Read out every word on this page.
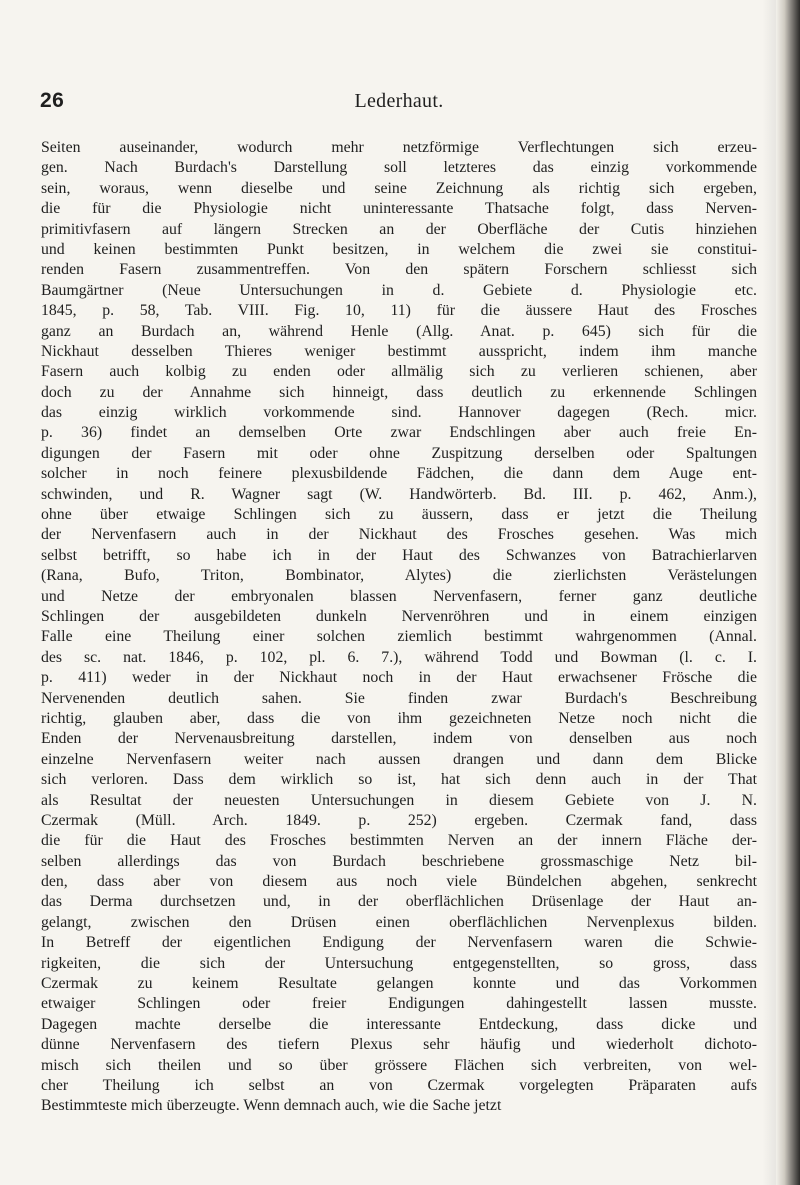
26	Lederhaut.
Seiten auseinander, wodurch mehr netzförmige Verflechtungen sich erzeu-
gen. Nach Burdach's Darstellung soll letzteres das einzig vorkommende
sein, woraus, wenn dieselbe und seine Zeichnung als richtig sich ergeben,
die für die Physiologie nicht uninteressante Thatsache folgt, dass Nerven-
primitivfasern auf längern Strecken an der Oberfläche der Cutis hinziehen
und keinen bestimmten Punkt besitzen, in welchem die zwei sie constitui-
renden Fasern zusammentreffen. Von den spätern Forschern schliesst sich
Baumgärtner (Neue Untersuchungen in d. Gebiete d. Physiologie etc.
1845, p. 58, Tab. VIII. Fig. 10, 11) für die äussere Haut des Frosches
ganz an Burdach an, während Henle (Allg. Anat. p. 645) sich für die
Nickhaut desselben Thieres weniger bestimmt ausspricht, indem ihm manche
Fasern auch kolbig zu enden oder allmälig sich zu verlieren schienen, aber
doch zu der Annahme sich hinneigt, dass deutlich zu erkennende Schlingen
das einzig wirklich vorkommende sind. Hannover dagegen (Rech. micr.
p. 36) findet an demselben Orte zwar Endschlingen aber auch freie En-
digungen der Fasern mit oder ohne Zuspitzung derselben oder Spaltungen
solcher in noch feinere plexusbildende Fädchen, die dann dem Auge ent-
schwinden, und R. Wagner sagt (W. Handwörterb. Bd. III. p. 462, Anm.),
ohne über etwaige Schlingen sich zu äussern, dass er jetzt die Theilung
der Nervenfasern auch in der Nickhaut des Frosches gesehen. Was mich
selbst betrifft, so habe ich in der Haut des Schwanzes von Batrachierlarven
(Rana, Bufo, Triton, Bombinator, Alytes) die zierlichsten Verästelungen
und Netze der embryonalen blassen Nervenfasern, ferner ganz deutliche
Schlingen der ausgebildeten dunkeln Nervenröhren und in einem einzigen
Falle eine Theilung einer solchen ziemlich bestimmt wahrgenommen (Annal.
des sc. nat. 1846, p. 102, pl. 6. 7.), während Todd und Bowman (l. c. I.
p. 411) weder in der Nickhaut noch in der Haut erwachsener Frösche die
Nervenenden deutlich sahen. Sie finden zwar Burdach's Beschreibung
richtig, glauben aber, dass die von ihm gezeichneten Netze noch nicht die
Enden der Nervenausbreitung darstellen, indem von denselben aus noch
einzelne Nervenfasern weiter nach aussen drangen und dann dem Blicke
sich verloren. Dass dem wirklich so ist, hat sich denn auch in der That
als Resultat der neuesten Untersuchungen in diesem Gebiete von J. N.
Czermak (Müll. Arch. 1849. p. 252) ergeben. Czermak fand, dass
die für die Haut des Frosches bestimmten Nerven an der innern Fläche der-
selben allerdings das von Burdach beschriebene grossmaschige Netz bil-
den, dass aber von diesem aus noch viele Bündelchen abgehen, senkrecht
das Derma durchsetzen und, in der oberflächlichen Drüsenlage der Haut an-
gelangt, zwischen den Drüsen einen oberflächlichen Nervenplexus bilden.
In Betreff der eigentlichen Endigung der Nervenfasern waren die Schwie-
rigkeiten, die sich der Untersuchung entgegenstellten, so gross, dass
Czermak zu keinem Resultate gelangen konnte und das Vorkommen
etwaiger Schlingen oder freier Endigungen dahingestellt lassen musste.
Dagegen machte derselbe die interessante Entdeckung, dass dicke und
dünne Nervenfasern des tiefern Plexus sehr häufig und wiederholt dichoto-
misch sich theilen und so über grössere Flächen sich verbreiten, von wel-
cher Theilung ich selbst an von Czermak vorgelegten Präparaten aufs
Bestimmteste mich überzeugte. Wenn demnach auch, wie die Sache jetzt
